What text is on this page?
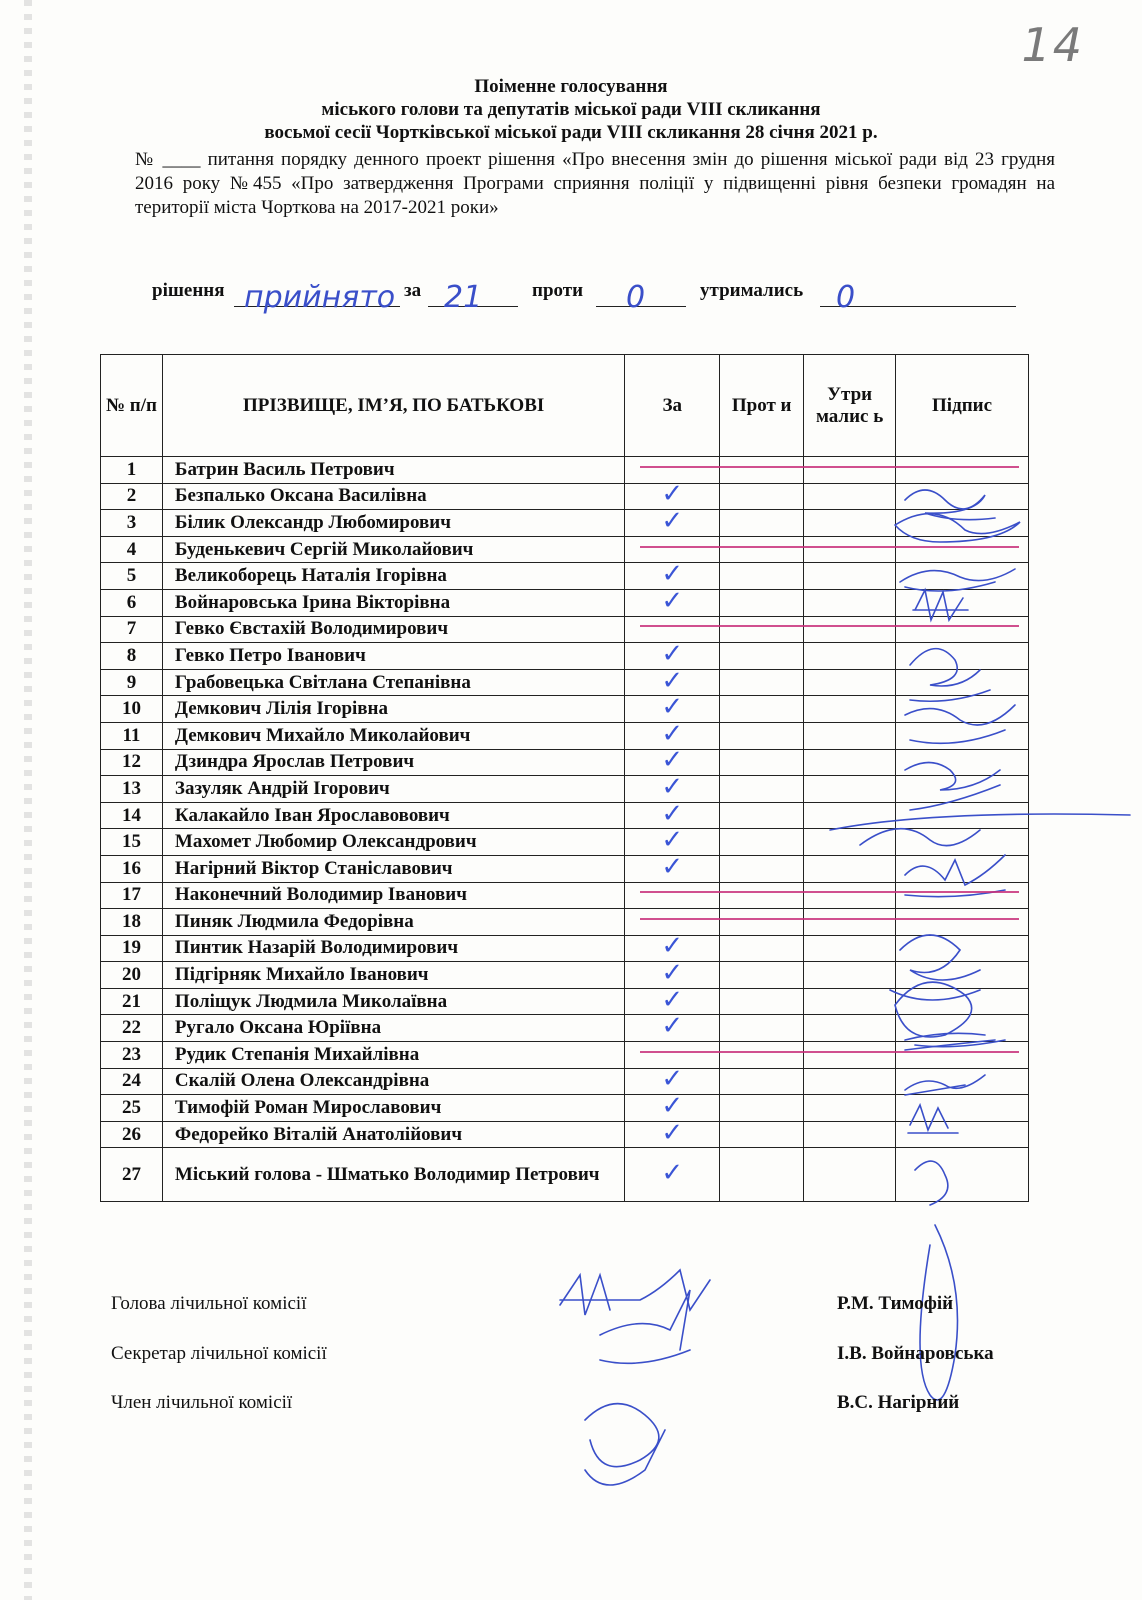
14
Поіменне голосування
міського голови та депутатів міської ради VIII скликання
восьмої сесії Чортківської міської ради VIII скликання 28 січня 2021 р.
№ ____ питання порядку денного проект рішення «Про внесення змін до рішення міської ради від 23 грудня 2016 року №455 «Про затвердження Програми сприяння поліції у підвищенні рівня безпеки громадян на території міста Чорткова на 2017-2021 роки»
рішення прийнято за 21	проти 0	утримались 0
№ п/п	ПРІЗВИЩЕ, ІМ’Я, ПО БАТЬКОВІ	За	Прот и	Утри малис ь	Підпис
1	Батрин Василь Петрович				
2	Безпалько Оксана Василівна	✓			
3	Білик Олександр Любомирович	✓			
4	Буденькевич Сергій Миколайович				
5	Великоборець Наталія Ігорівна	✓			
6	Войнаровська Ірина Вікторівна	✓			
7	Гевко Євстахій Володимирович				
8	Гевко Петро Іванович	✓			
9	Грабовецька Світлана Степанівна	✓			
10	Демкович Лілія Ігорівна	✓			
11	Демкович Михайло Миколайович	✓			
12	Дзиндра Ярослав Петрович	✓			
13	Зазуляк Андрій Ігорович	✓			
14	Калакайло Іван Ярославовович	✓			
15	Махомет Любомир Олександрович	✓			
16	Нагірний Віктор Станіславович	✓			
17	Наконечний Володимир Іванович				
18	Пиняк Людмила Федорівна				
19	Пинтик Назарій Володимирович	✓			
20	Підгірняк Михайло Іванович	✓			
21	Поліщук Людмила Миколаївна	✓			
22	Ругало Оксана Юріївна	✓			
23	Рудик Степанія Михайлівна				
24	Скалій Олена Олександрівна	✓			
25	Тимофій Роман Мирославович	✓			
26	Федорейко Віталій Анатолійович	✓			
27	Міський голова - Шматько Володимир Петрович	✓			
Голова лічильної комісії	Р.М. Тимофій
Секретар лічильної комісії	І.В. Войнаровська
Член лічильної комісії	В.С. Нагірний
